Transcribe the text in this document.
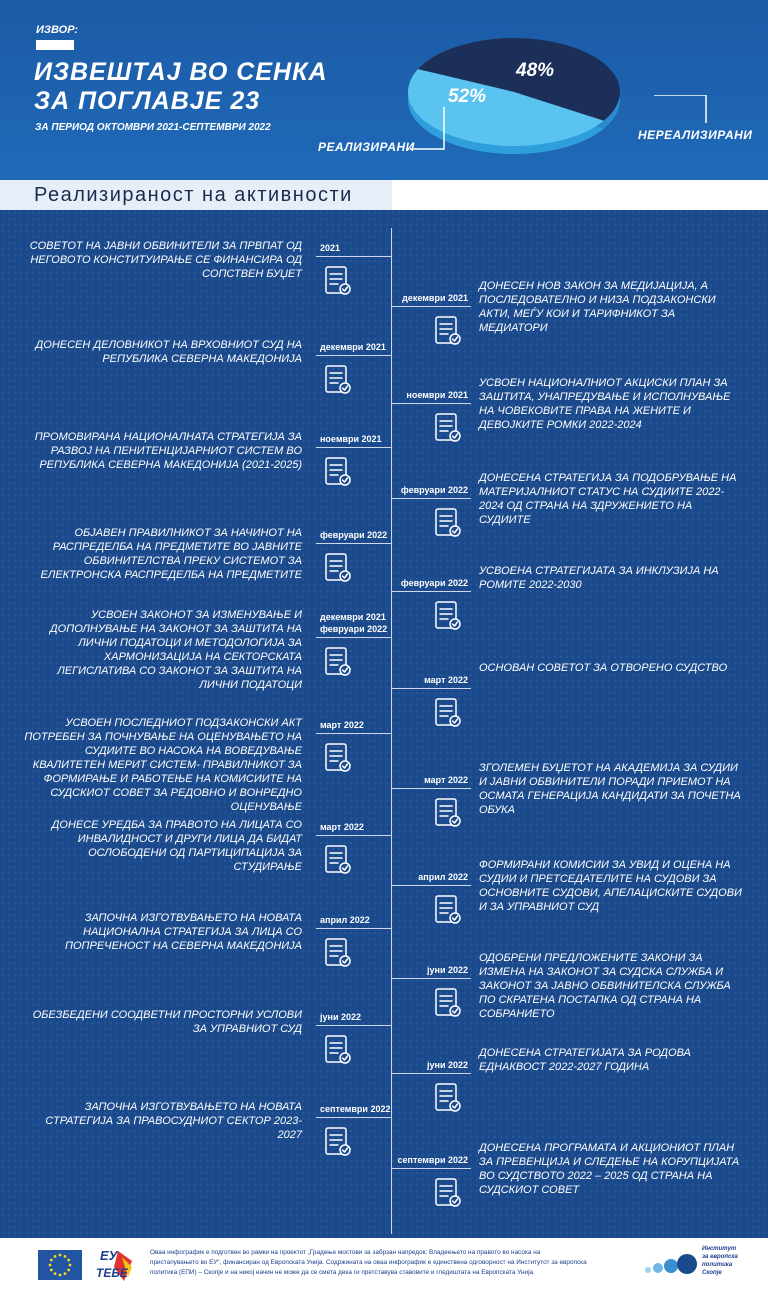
ИЗВОР:
ИЗВЕШТАЈ ВО СЕНКА
ЗА ПОГЛАВЈЕ 23
ЗА ПЕРИОД ОКТОМВРИ 2021-СЕПТЕМВРИ 2022
52%
48%
РЕАЛИЗИРАНИ
НЕРЕАЛИЗИРАНИ
Реализираност на активности
2021
СОВЕТОТ НА ЈАВНИ ОБВИНИТЕЛИ ЗА ПРВПАТ ОД НЕГОВОТО КОНСТИТУИРАЊЕ СЕ ФИНАНСИРА ОД СОПСТВЕН БУЏЕТ
декември 2021
ДОНЕСЕН ДЕЛОВНИКОТ НА ВРХОВНИОТ СУД НА РЕПУБЛИКА СЕВЕРНА МАКЕДОНИЈА
ноември 2021
ПРОМОВИРАНА НАЦИОНАЛНАТА СТРАТЕГИЈА ЗА РАЗВОЈ НА ПЕНИТЕНЦИЈАРНИОТ СИСТЕМ ВО РЕПУБЛИКА СЕВЕРНА МАКЕДОНИЈА (2021-2025)
февруари 2022
ОБЈАВЕН ПРАВИЛНИКОТ ЗА НАЧИНОТ НА РАСПРЕДЕЛБА НА ПРЕДМЕТИТЕ ВО ЈАВНИТЕ ОБВИНИТЕЛСТВА ПРЕКУ СИСТЕМОТ ЗА ЕЛЕКТРОНСКА РАСПРЕДЕЛБА НА ПРЕДМЕТИТЕ
декември 2021
февруари 2022
УСВОЕН ЗАКОНОТ ЗА ИЗМЕНУВАЊЕ И ДОПОЛНУВАЊЕ НА ЗАКОНОТ ЗА ЗАШТИТА НА ЛИЧНИ ПОДАТОЦИ И МЕТОДОЛОГИЈА ЗА ХАРМОНИЗАЦИЈА НА СЕКТОРСКАТА ЛЕГИСЛАТИВА СО ЗАКОНОТ ЗА ЗАШТИТА НА ЛИЧНИ ПОДАТОЦИ
март 2022
УСВОЕН ПОСЛЕДНИОТ ПОДЗАКОНСКИ АКТ ПОТРЕБЕН ЗА ПОЧНУВАЊЕ НА ОЦЕНУВАЊЕТО НА СУДИИТЕ ВО НАСОКА НА ВОВЕДУВАЊЕ КВАЛИТЕТЕН МЕРИТ СИСТЕМ- ПРАВИЛНИКОТ ЗА ФОРМИРАЊЕ И РАБОТЕЊЕ НА КОМИСИИТЕ НА СУДСКИОТ СОВЕТ ЗА РЕДОВНО И ВОНРЕДНО ОЦЕНУВАЊЕ
март 2022
ДОНЕСЕ УРЕДБА ЗА ПРАВОТО НА ЛИЦАТА СО ИНВАЛИДНОСТ И ДРУГИ ЛИЦА ДА БИДАТ ОСЛОБОДЕНИ ОД ПАРТИЦИПАЦИЈА ЗА СТУДИРАЊЕ
април 2022
ЗАПОЧНА ИЗГОТВУВАЊЕТО НА НОВАТА НАЦИОНАЛНА СТРАТЕГИЈА ЗА ЛИЦА СО ПОПРЕЧЕНОСТ НА СЕВЕРНА МАКЕДОНИЈА
јуни 2022
ОБЕЗБЕДЕНИ СООДВЕТНИ ПРОСТОРНИ УСЛОВИ ЗА УПРАВНИОТ СУД
септември 2022
ЗАПОЧНА ИЗГОТВУВАЊЕТО НА НОВАТА СТРАТЕГИЈА ЗА ПРАВОСУДНИОТ СЕКТОР 2023-2027
декември 2021
ДОНЕСЕН НОВ ЗАКОН ЗА МЕДИЈАЦИЈА, А ПОСЛЕДОВАТЕЛНО И НИЗА ПОДЗАКОНСКИ АКТИ, МЕЃУ КОИ И ТАРИФНИКОТ ЗА МЕДИАТОРИ
ноември 2021
УСВОЕН НАЦИОНАЛНИОТ АКЦИСКИ ПЛАН ЗА ЗАШТИТА, УНАПРЕДУВАЊЕ И ИСПОЛНУВАЊЕ НА ЧОВЕКОВИТЕ ПРАВА НА ЖЕНИТЕ И ДЕВОЈКИТЕ РОМКИ 2022-2024
февруари 2022
ДОНЕСЕНА СТРАТЕГИЈА ЗА ПОДОБРУВАЊЕ НА МАТЕРИЈАЛНИОТ СТАТУС НА СУДИИТЕ 2022-2024 ОД СТРАНА НА ЗДРУЖЕНИЕТО НА СУДИИТЕ
февруари 2022
УСВОЕНА СТРАТЕГИЈАТА ЗА ИНКЛУЗИЈА НА РОМИТЕ 2022-2030
март 2022
ОСНОВАН СОВЕТОТ ЗА ОТВОРЕНО СУДСТВО
март 2022
ЗГОЛЕМЕН БУЏЕТОТ НА АКАДЕМИЈА ЗА СУДИИ И ЈАВНИ ОБВИНИТЕЛИ ПОРАДИ ПРИЕМОТ НА ОСМАТА ГЕНЕРАЦИЈА КАНДИДАТИ ЗА ПОЧЕТНА ОБУКА
април 2022
ФОРМИРАНИ КОМИСИИ ЗА УВИД И ОЦЕНА НА СУДИИ И ПРЕТСЕДАТЕЛИТЕ НА СУДОВИ ЗА ОСНОВНИТЕ СУДОВИ, АПЕЛАЦИСКИТЕ СУДОВИ И ЗА УПРАВНИОТ СУД
јуни 2022
ОДОБРЕНИ ПРЕДЛОЖЕНИТЕ ЗАКОНИ ЗА ИЗМЕНА НА ЗАКОНОТ ЗА СУДСКА СЛУЖБА И ЗАКОНОТ ЗА ЈАВНО ОБВИНИТЕЛСКА СЛУЖБА ПО СКРАТЕНА ПОСТАПКА ОД СТРАНА НА СОБРАНИЕТО
јуни 2022
ДОНЕСЕНА СТРАТЕГИЈАТА ЗА РОДОВА ЕДНАКВОСТ 2022-2027 ГОДИНА
септември 2022
ДОНЕСЕНА ПРОГРАМАТА И АКЦИОНИОТ ПЛАН ЗА ПРЕВЕНЦИЈА И СЛЕДЕЊЕ НА КОРУПЦИЈАТА ВО СУДСТВОТО 2022 – 2025 ОД СТРАНА НА СУДСКИОТ СОВЕТ
ЕУ
ТЕБЕ
Оваа инфографик е подготвен во рамки на проектот „Градење мостови за забрзан напредок: Владеењето на правото во насока на пристапувањето во ЕУ“, финансиран од Европската Унија. Содржината на оваа инфографик е единствена одговорност на Институтот за европска политика (ЕПИ) – Скопје и на никој начин не може да се смета дека ги претставува ставовите и гледиштата на Европската Унија.
Институт за европска политика Скопје
